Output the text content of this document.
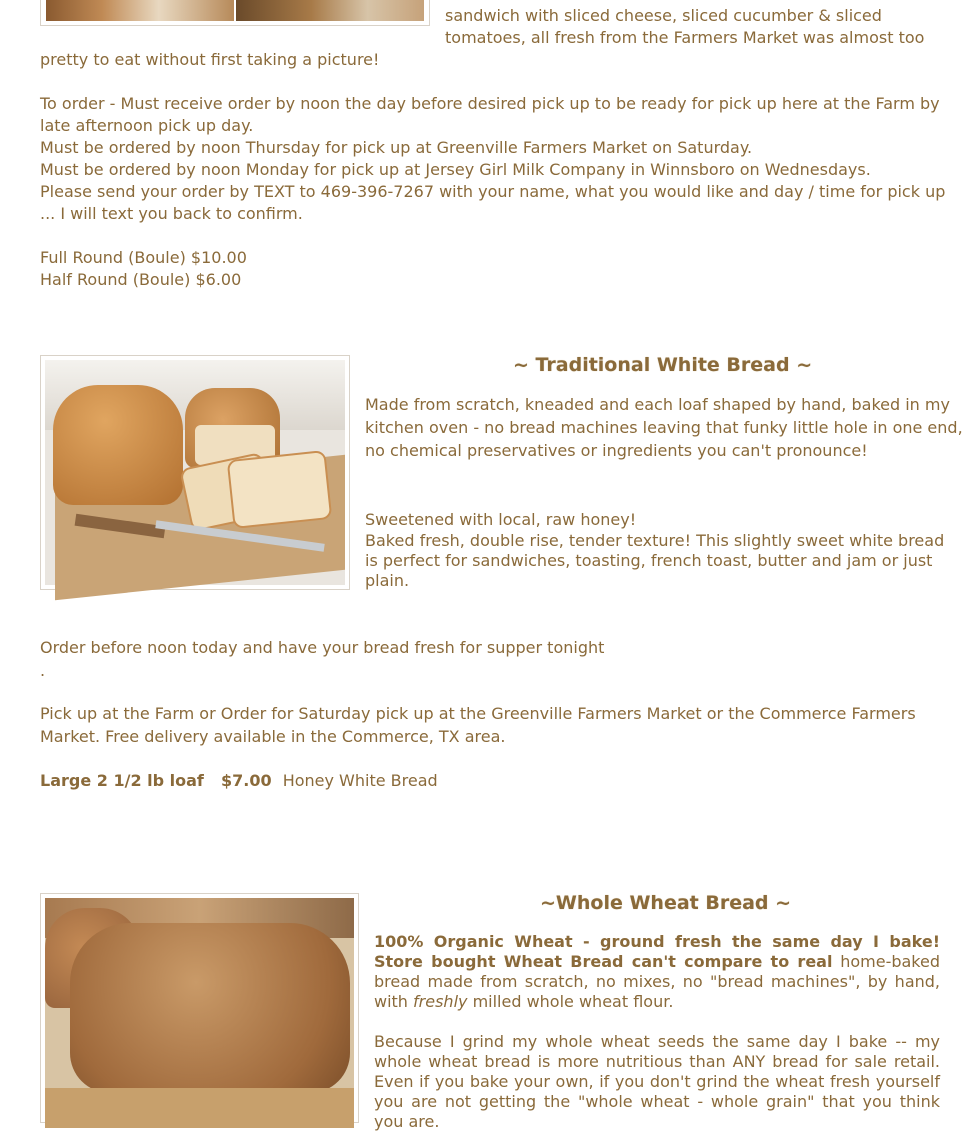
sandwich with sliced cheese, sliced cucumber & sliced
tomatoes, all fresh from the Farmers Market was almost too
pretty to eat without first taking a picture!
To order - Must receive order by noon the day before desired pick up to be ready for pick up here at the Farm by
late afternoon pick up day.
Must be ordered by noon Thursday for pick up at Greenville Farmers Market on Saturday.
Must be ordered by noon Monday for pick up at Jersey Girl Milk Company in Winnsboro on Wednesdays.
Please send your order by TEXT to 469-396-7267 with your name, what you would like and day / time for pick up
... I will text you back to confirm.
Full Round (Boule) $10.00
Half Round (Boule) $6.00
~ Traditional White Bread ~
Made from scratch, kneaded and each loaf shaped by hand, baked in my
kitchen oven - no bread machines leaving that funky little hole in one end,
no chemical preservatives or ingredients you can't pronounce!
Sweetened with local, raw honey!
Baked fresh, double rise, tender texture! This slightly sweet white bread
is perfect for sandwiches, toasting, french toast, butter and jam or just
plain.
Order before noon today and have your bread fresh for supper tonight
.
Pick up at the Farm or Order for Saturday pick up at the Greenville Farmers Market or the Commerce Farmers
Market. Free delivery available in the Commerce, TX area.
Large 2 1/2 lb loaf $7.00 Honey White Bread
~Whole Wheat Bread ~
100% Organic Wheat - ground fresh the same day I bake! Store bought Wheat Bread can't compare to real home-baked bread made from scratch, no mixes, no "bread machines", by hand, with freshly milled whole wheat flour.
Because I grind my whole wheat seeds the same day I bake -- my whole wheat bread is more nutritious than ANY bread for sale retail. Even if you bake your own, if you don't grind the wheat fresh yourself you are not getting the "whole wheat - whole grain" that you think you are.
